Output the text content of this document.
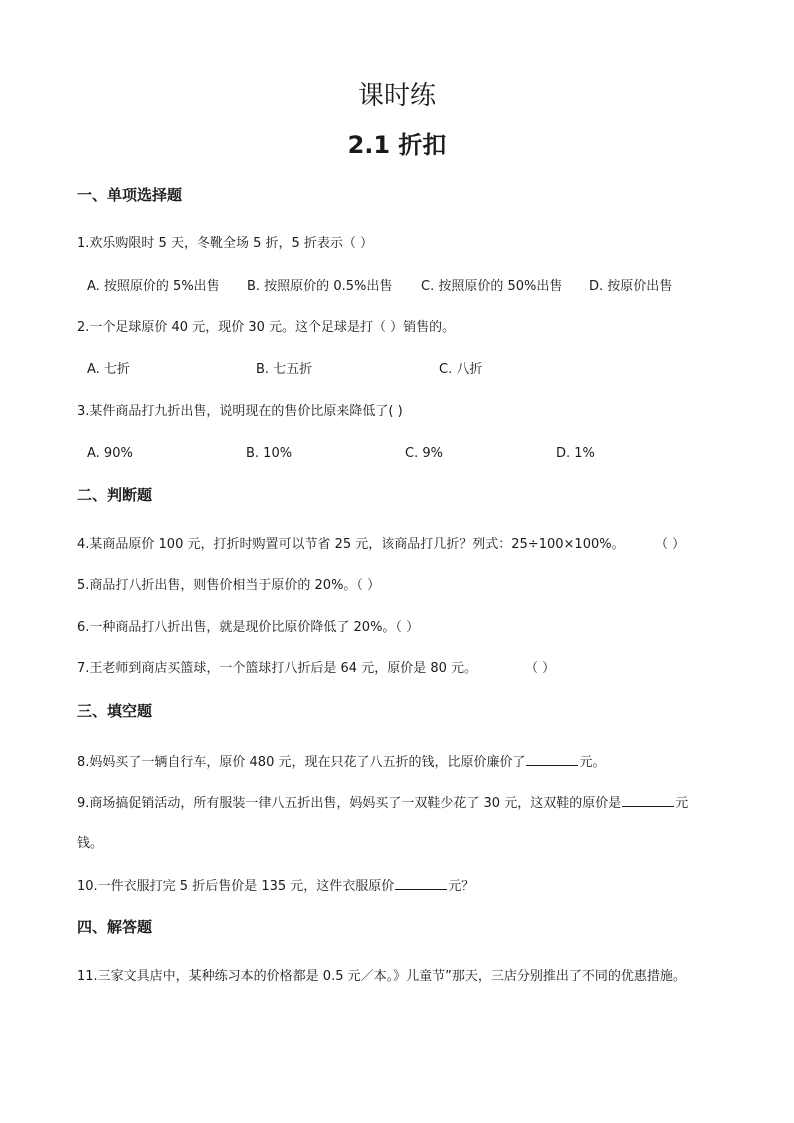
课时练
2.1 折扣
一、单项选择题
1.欢乐购限时 5 天，冬靴全场 5 折，5 折表示（ ）
A. 按照原价的 5%出售 B. 按照原价的 0.5%出售 C. 按照原价的 50%出售 D. 按原价出售
2.一个足球原价 40 元，现价 30 元。这个足球是打（ ）销售的。
A. 七折	B. 七五折	C. 八折
3.某件商品打九折出售，说明现在的售价比原来降低了( )
A. 90%	B. 10%	C. 9%	D. 1%
二、判断题
4.某商品原价 100 元，打折时购置可以节省 25 元，该商品打几折？列式：25÷100×100%。 （ ）
5.商品打八折出售，则售价相当于原价的 20%。（ ）
6.一种商品打八折出售，就是现价比原价降低了 20%。（ ）
7.王老师到商店买篮球，一个篮球打八折后是 64 元，原价是 80 元。	（ ）
三、填空题
8.妈妈买了一辆自行车，原价 480 元，现在只花了八五折的钱，比原价廉价了	元。
9.商场搞促销活动，所有服装一律八五折出售，妈妈买了一双鞋少花了 30 元，这双鞋的原价是	元
钱。
10.一件衣服打完 5 折后售价是 135 元，这件衣服原价	元？
四、解答题
11.三家文具店中，某种练习本的价格都是 0.5 元／本。》儿童节”那天，三店分别推出了不同的优惠措施。
